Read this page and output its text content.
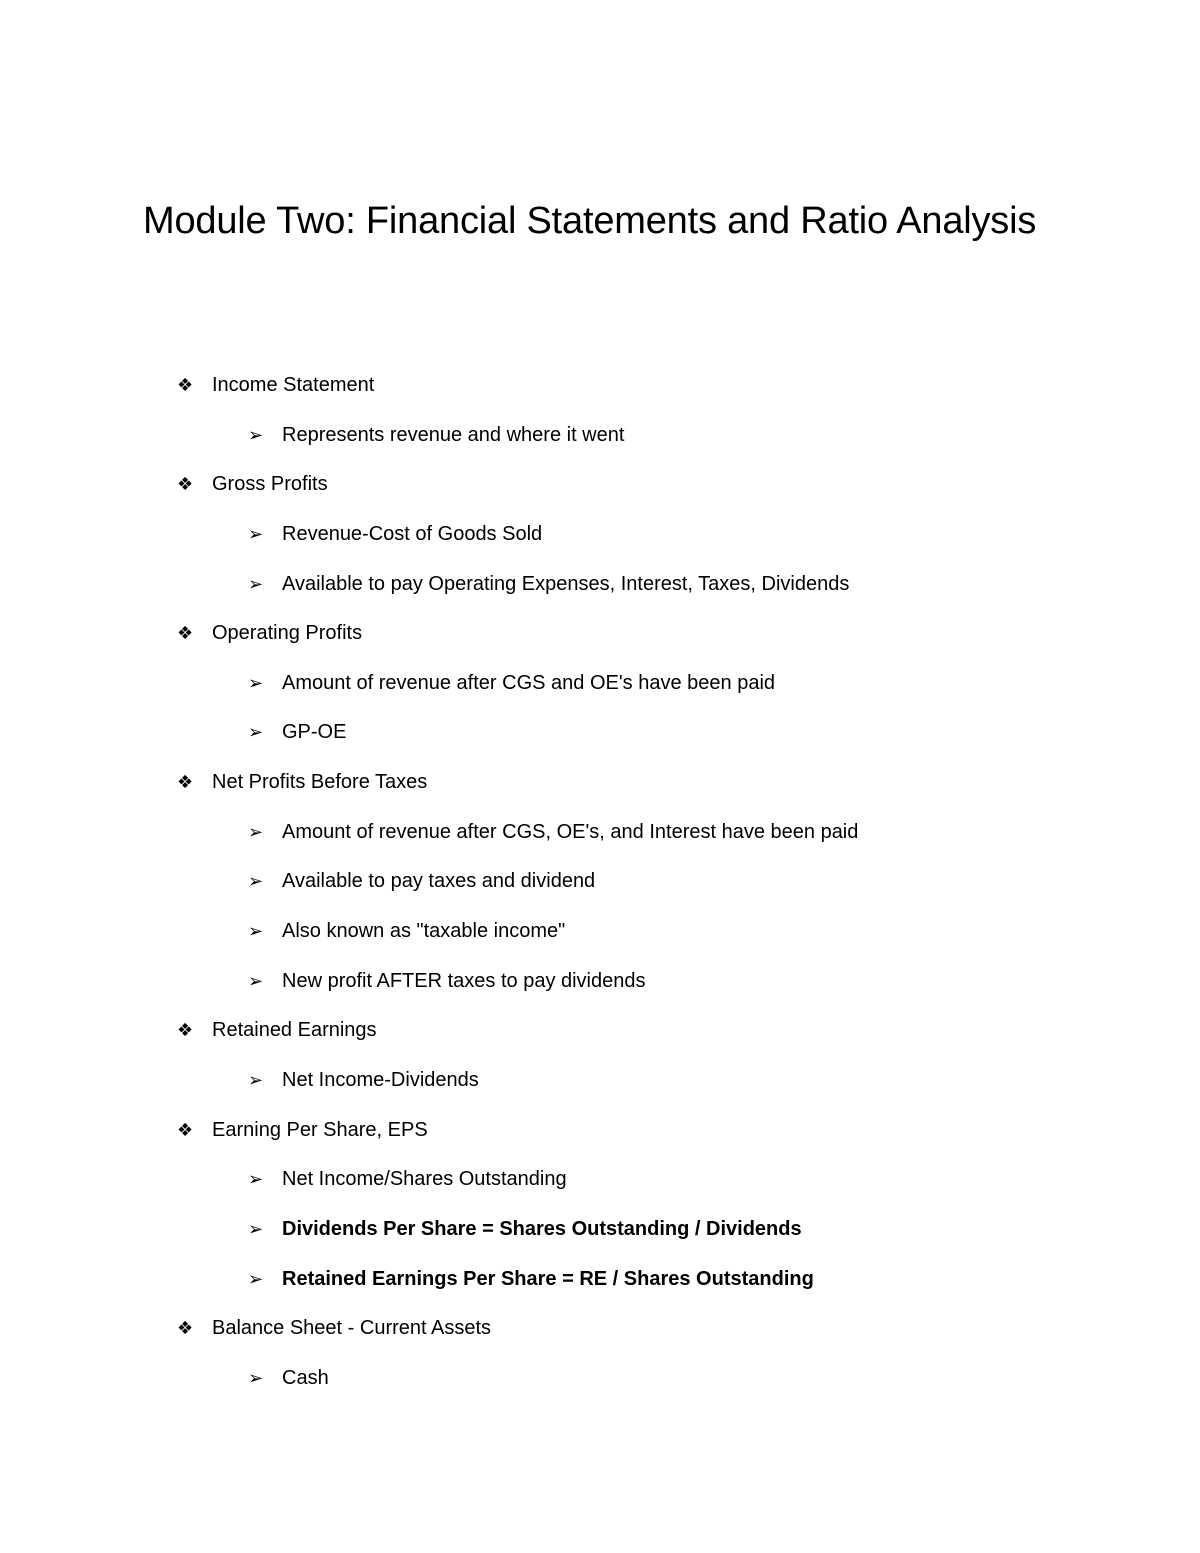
Module Two: Financial Statements and Ratio Analysis
❖ Income Statement
➢ Represents revenue and where it went
❖ Gross Profits
➢ Revenue-Cost of Goods Sold
➢ Available to pay Operating Expenses, Interest, Taxes, Dividends
❖ Operating Profits
➢ Amount of revenue after CGS and OE's have been paid
➢ GP-OE
❖ Net Profits Before Taxes
➢ Amount of revenue after CGS, OE's, and Interest have been paid
➢ Available to pay taxes and dividend
➢ Also known as "taxable income"
➢ New profit AFTER taxes to pay dividends
❖ Retained Earnings
➢ Net Income-Dividends
❖ Earning Per Share, EPS
➢ Net Income/Shares Outstanding
➢ Dividends Per Share = Shares Outstanding / Dividends
➢ Retained Earnings Per Share = RE / Shares Outstanding
❖ Balance Sheet - Current Assets
➢ Cash
